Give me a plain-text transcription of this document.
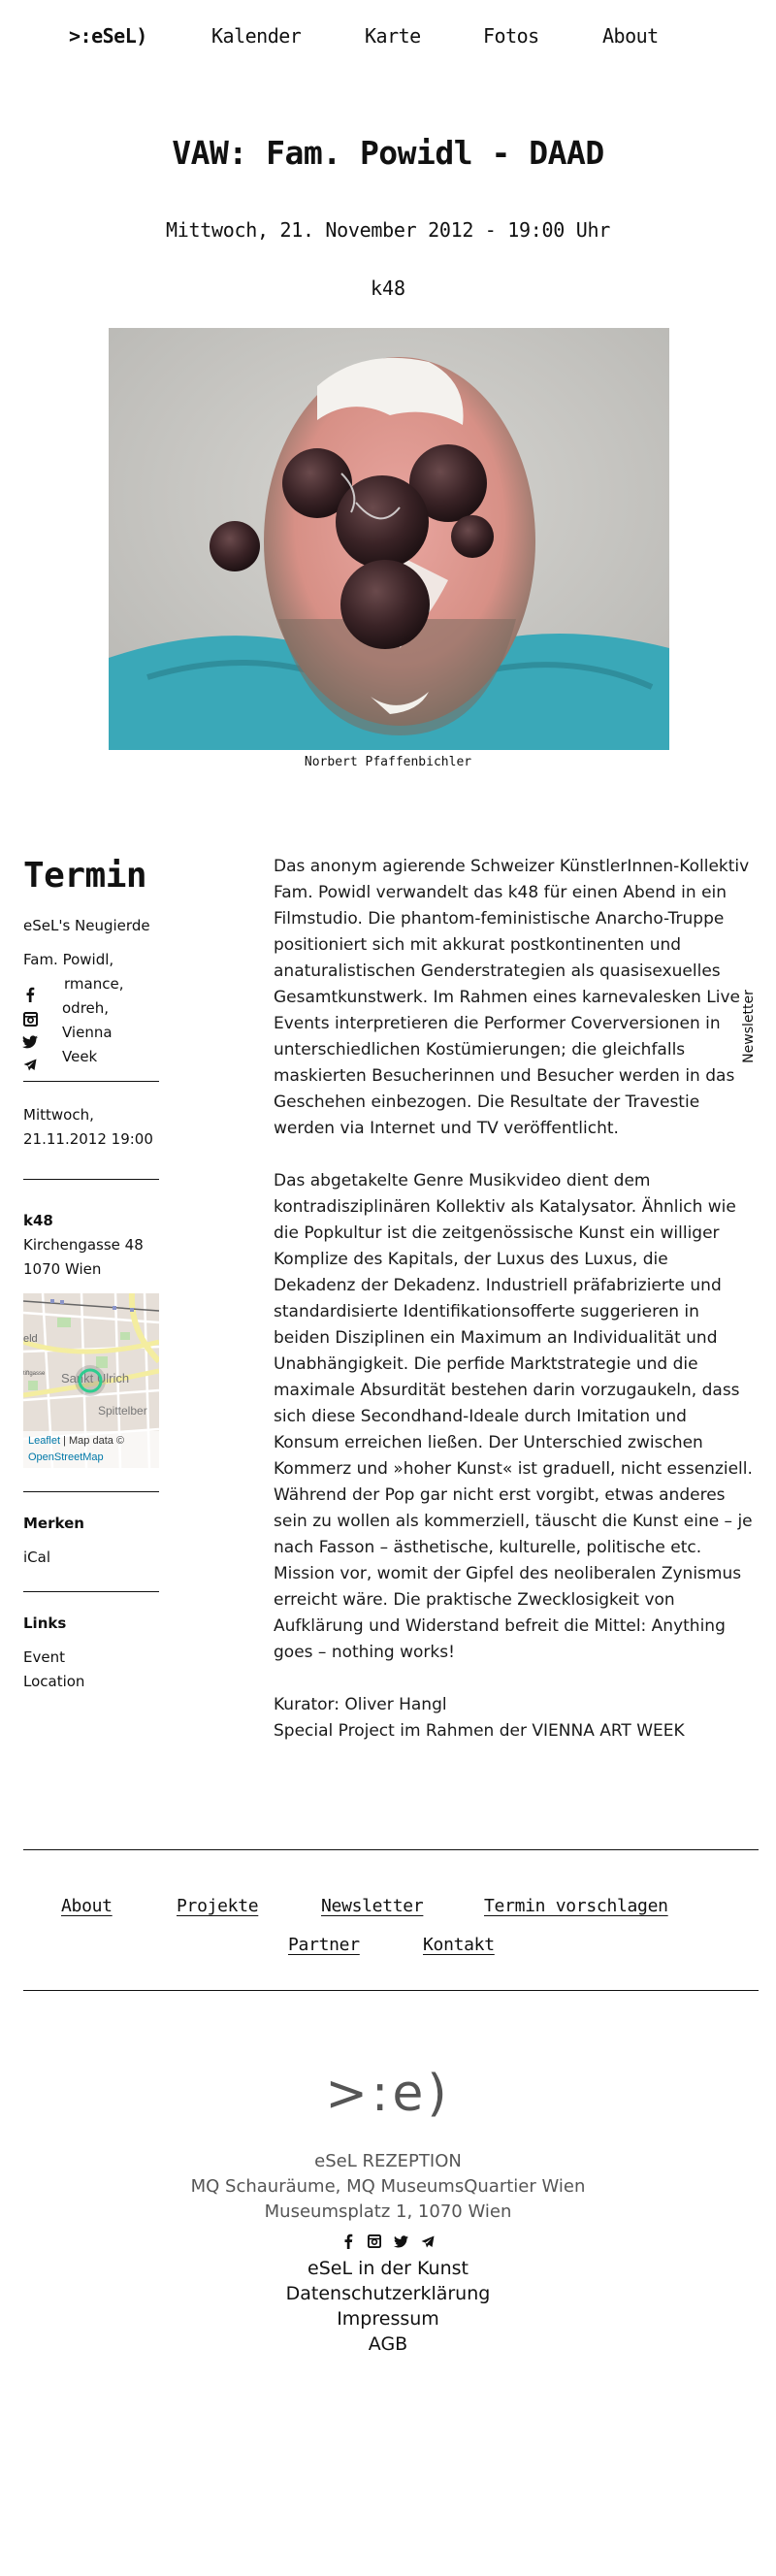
>:eSeL)	Kalender	Karte	Fotos	About
VAW: Fam. Powidl - DAAD
Mittwoch, 21. November 2012 - 19:00 Uhr
k48
Norbert Pfaffenbichler
Termin
eSeL's Neugierde
Fam. Powidl,
rmance,
odreh, Vienna
Veek
Mittwoch,
21.11.2012 19:00
k48
Kirchengasse 48
1070 Wien
eld
tiftgasse Sankt Ulrich
Spittelber
Leaflet | Map data ©
OpenStreetMap
Merken
iCal
Links
Event
Location
Newsletter

Das anonym agierende Schweizer KünstlerInnen-Kollektiv Fam. Powidl verwandelt das k48 für einen Abend in ein Filmstudio. Die phantom-feministische Anarcho-Truppe positioniert sich mit akkurat postkontinenten und anaturalistischen Genderstrategien als quasisexuelles Gesamtkunstwerk. Im Rahmen eines karnevalesken Live Events interpretieren die Performer Coverversionen in unterschiedlichen Kostümierungen; die gleichfalls maskierten Besucherinnen und Besucher werden in das Geschehen einbezogen. Die Resultate der Travestie werden via Internet und TV veröffentlicht.

Das abgetakelte Genre Musikvideo dient dem kontradisziplinären Kollektiv als Katalysator. Ähnlich wie die Popkultur ist die zeitgenössische Kunst ein williger Komplize des Kapitals, der Luxus des Luxus, die Dekadenz der Dekadenz. Industriell präfabrizierte und standardisierte Identifikationsofferte suggerieren in beiden Disziplinen ein Maximum an Individualität und Unabhängigkeit. Die perfide Marktstrategie und die maximale Absurdität bestehen darin vorzugaukeln, dass sich diese Secondhand-Ideale durch Imitation und Konsum erreichen ließen. Der Unterschied zwischen Kommerz und »hoher Kunst« ist graduell, nicht essenziell. Während der Pop gar nicht erst vorgibt, etwas anderes sein zu wollen als kommerziell, täuscht die Kunst eine – je nach Fasson – ästhetische, kulturelle, politische etc. Mission vor, womit der Gipfel des neoliberalen Zynismus erreicht wäre. Die praktische Zwecklosigkeit von Aufklärung und Widerstand befreit die Mittel: Anything goes – nothing works!

Kurator: Oliver Hangl
Special Project im Rahmen der VIENNA ART WEEK
About	Projekte	Newsletter	Termin vorschlagen
Partner	Kontakt
>:e)
eSeL REZEPTION
MQ Schauräume, MQ MuseumsQuartier Wien
Museumsplatz 1, 1070 Wien

eSeL in der Kunst
Datenschutzerklärung
Impressum
AGB
